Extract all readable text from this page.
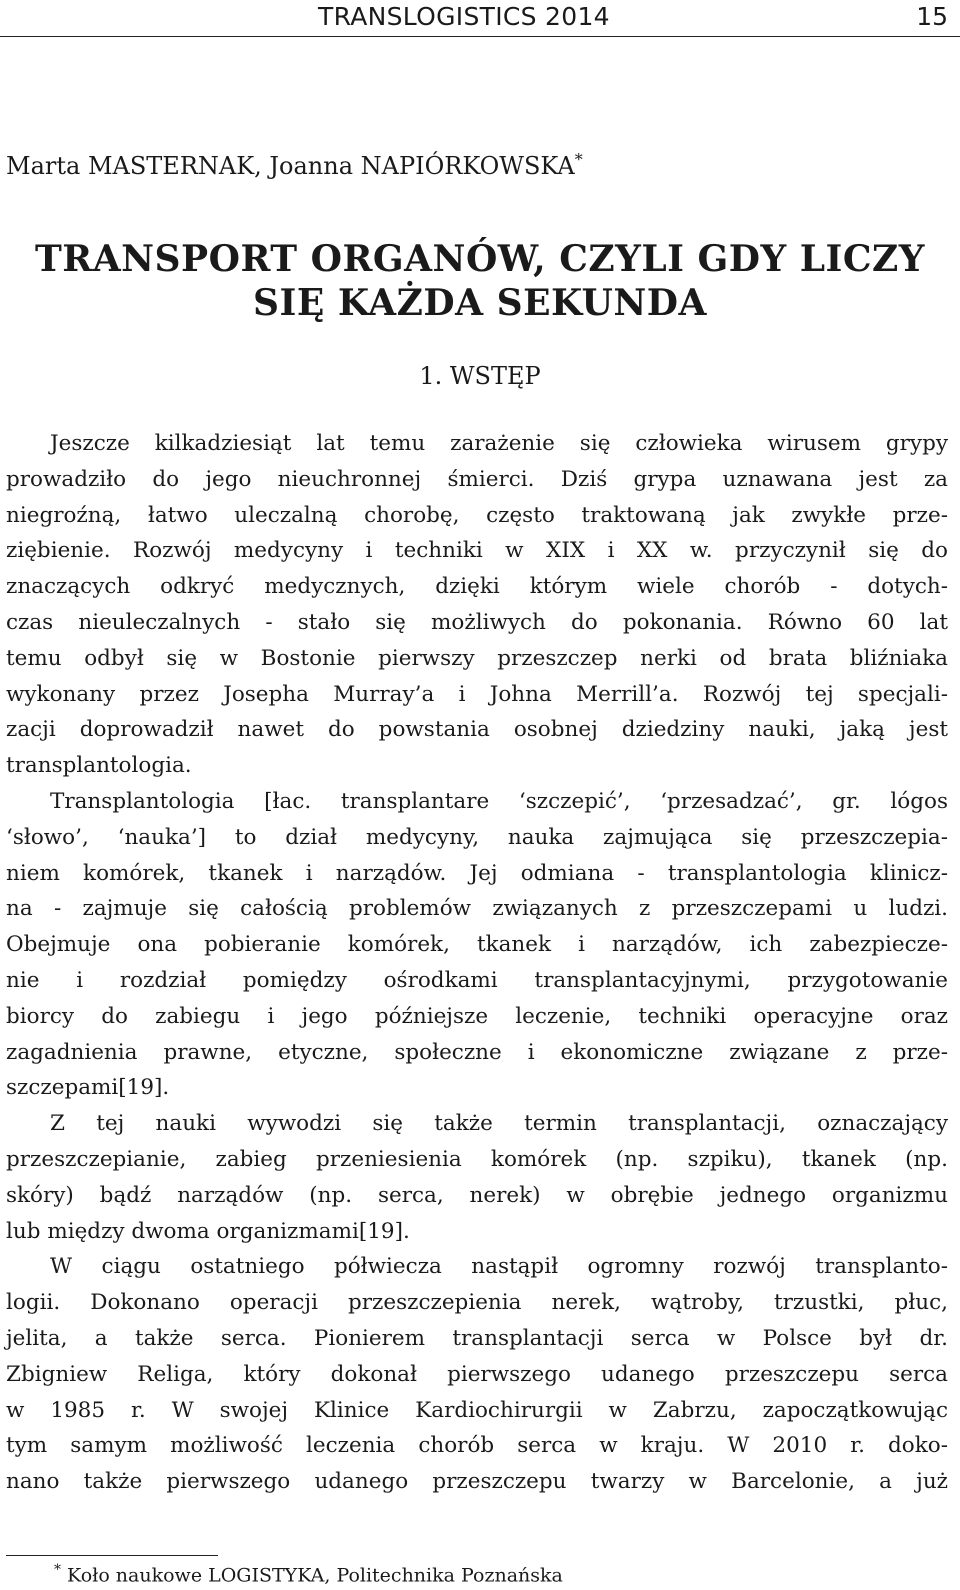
TRANSLOGISTICS 2014	15
Marta MASTERNAK, Joanna NAPIÓRKOWSKA*
TRANSPORT ORGANÓW, CZYLI GDY LICZY
SIĘ KAŻDA SEKUNDA
1. WSTĘP
Jeszcze kilkadziesiąt lat temu zarażenie się człowieka wirusem grypy
prowadziło do jego nieuchronnej śmierci. Dziś grypa uznawana jest za
niegroźną, łatwo uleczalną chorobę, często traktowaną jak zwykłe prze-
ziębienie. Rozwój medycyny i techniki w XIX i XX w. przyczynił się do
znaczących odkryć medycznych, dzięki którym wiele chorób - dotych-
czas nieuleczalnych - stało się możliwych do pokonania. Równo 60 lat
temu odbył się w Bostonie pierwszy przeszczep nerki od brata bliźniaka
wykonany przez Josepha Murray’a i Johna Merrill’a. Rozwój tej specjali-
zacji doprowadził nawet do powstania osobnej dziedziny nauki, jaką jest
transplantologia.
Transplantologia [łac. transplantare ‘szczepić’, ‘przesadzać’, gr. lógos
‘słowo’, ‘nauka’] to dział medycyny, nauka zajmująca się przeszczepia-
niem komórek, tkanek i narządów. Jej odmiana - transplantologia klinicz-
na - zajmuje się całością problemów związanych z przeszczepami u ludzi.
Obejmuje ona pobieranie komórek, tkanek i narządów, ich zabezpiecze-
nie i rozdział pomiędzy ośrodkami transplantacyjnymi, przygotowanie
biorcy do zabiegu i jego późniejsze leczenie, techniki operacyjne oraz
zagadnienia prawne, etyczne, społeczne i ekonomiczne związane z prze-
szczepami[19].
Z tej nauki wywodzi się także termin transplantacji, oznaczający
przeszczepianie, zabieg przeniesienia komórek (np. szpiku), tkanek (np.
skóry) bądź narządów (np. serca, nerek) w obrębie jednego organizmu
lub między dwoma organizmami[19].
W ciągu ostatniego półwiecza nastąpił ogromny rozwój transplanto-
logii. Dokonano operacji przeszczepienia nerek, wątroby, trzustki, płuc,
jelita, a także serca. Pionierem transplantacji serca w Polsce był dr.
Zbigniew Religa, który dokonał pierwszego udanego przeszczepu serca
w 1985 r. W swojej Klinice Kardiochirurgii w Zabrzu, zapoczątkowując
tym samym możliwość leczenia chorób serca w kraju. W 2010 r. doko-
nano także pierwszego udanego przeszczepu twarzy w Barcelonie, a już
* Koło naukowe LOGISTYKA, Politechnika Poznańska
